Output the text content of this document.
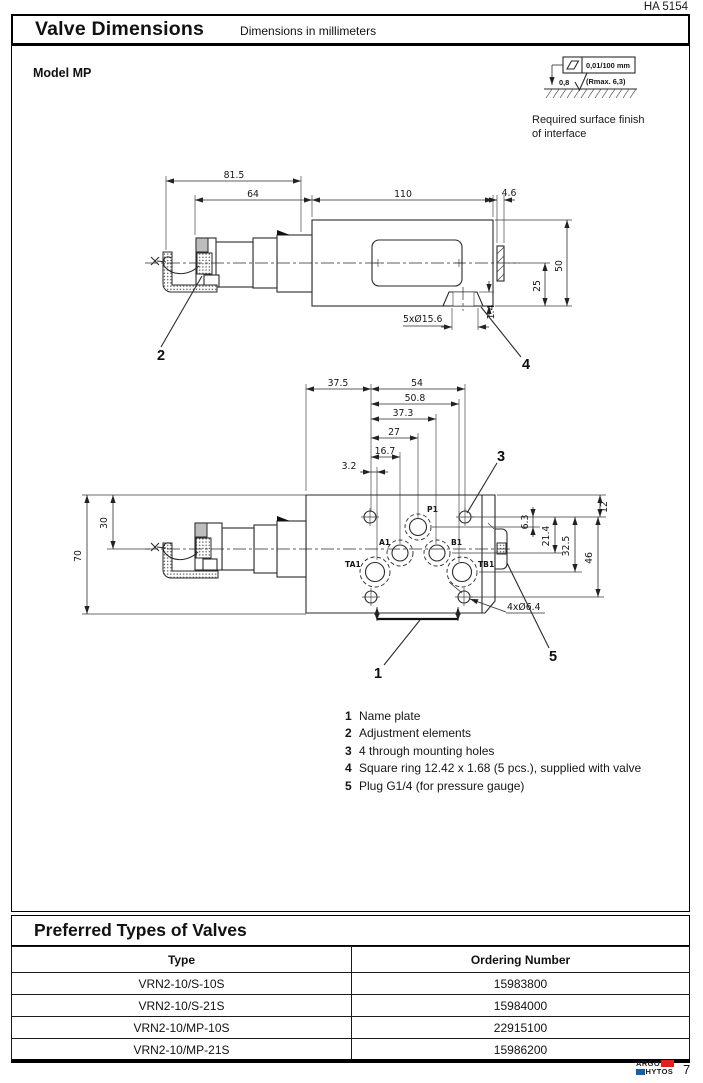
HA 5154
Valve Dimensions	Dimensions in millimeters
0,01/100 mm
0,8 (Rmax. 6,3)
81.5
64	110	4.6
50
25
5xØ15.6
1.4
2
4
P1
A1	B1
TA1	TB1
37.5	54
50.8
37.3
27
16.7
3.2
70
30
12
6.3
21.4 32.5
46
4xØ6.4
1
3
5
Model MP
Required surface finish
of interface
1 Name plate
2 Adjustment elements
3 4 through mounting holes
4 Square ring 12.42 x 1.68 (5 pcs.), supplied with valve
5 Plug G1/4 (for pressure gauge)
Preferred Types of Valves
Type	Ordering Number
VRN2-10/S-10S	15983800
VRN2-10/S-21S	15984000
VRN2-10/MP-10S	22915100
VRN2-10/MP-21S	15986200
ARGO
HYTOS 7
